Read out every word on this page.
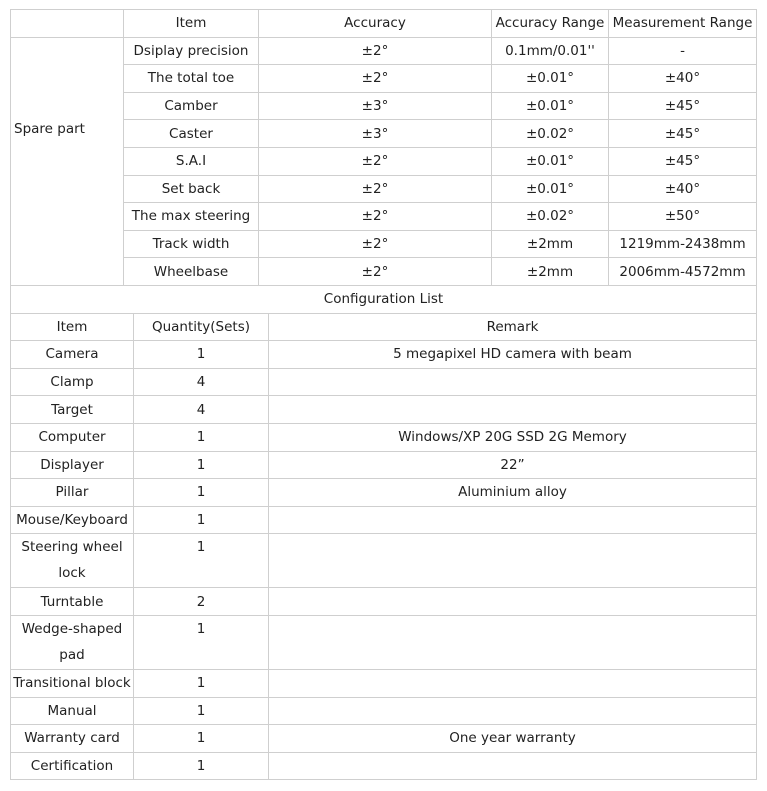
	Item	Accuracy	Accuracy Range	Measurement Range
Spare part	Dsiplay precision	±2°	0.1mm/0.01''	-
	The total toe	±2°	±0.01°	±40°
	Camber	±3°	±0.01°	±45°
	Caster	±3°	±0.02°	±45°
	S.A.I	±2°	±0.01°	±45°
	Set back	±2°	±0.01°	±40°
	The max steering	±2°	±0.02°	±50°
	Track width	±2°	±2mm	1219mm-2438mm
	Wheelbase	±2°	±2mm	2006mm-4572mm
Configuration List		
Item	Quantity(Sets)	Remark
Camera	1	5 megapixel HD camera with beam
Clamp	4	
Target	4	
Computer	1	Windows/XP 20G SSD 2G Memory
Displayer	1	22”
Pillar	1	Aluminium alloy
Mouse/Keyboard	1	
Steering wheel lock	1	
Turntable	2	
Wedge-shaped pad	1	
Transitional block	1	
Manual	1	
Warranty card	1	One year warranty
Certification	1	
